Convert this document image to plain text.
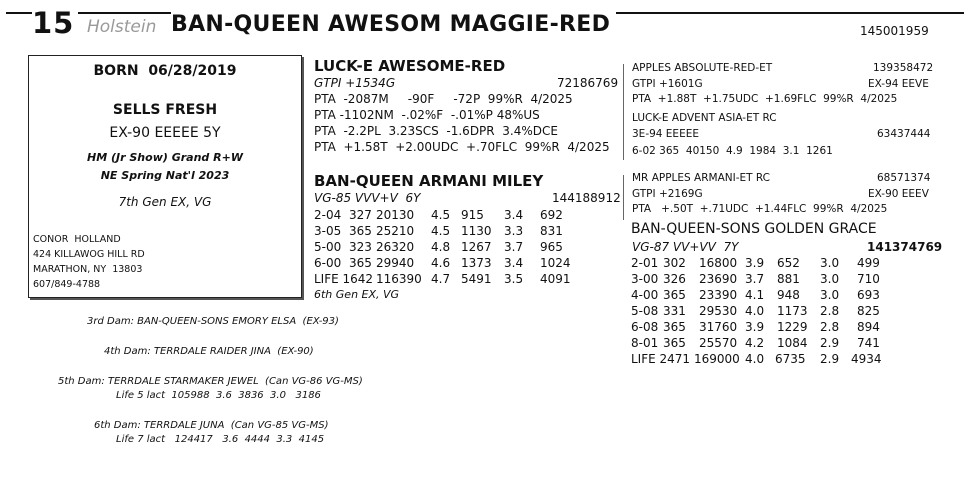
15 Holstein BAN-QUEEN AWESOM MAGGIE-RED	145001959
BORN  06/28/2019
SELLS FRESH
EX-90 EEEEE 5Y
HM (Jr Show) Grand R+W
NE Spring Nat'l 2023
7th Gen EX, VG
CONOR  HOLLAND
424 KILLAWOG HILL RD
MARATHON, NY  13803
607/849-4788
LUCK-E AWESOME-RED
GTPI +1534G	72186769
PTA  -2087M     -90F     -72P  99%R  4/2025
PTA -1102NM  -.02%F  -.01%P 48%US
PTA  -2.2PL  3.23SCS  -1.6DPR  3.4%DCE
PTA  +1.58T  +2.00UDC  +.70FLC  99%R  4/2025
APPLES ABSOLUTE-RED-ET	139358472
GTPI +1601G	EX-94 EEVE
PTA  +1.88T  +1.75UDC  +1.69FLC  99%R  4/2025
LUCK-E ADVENT ASIA-ET RC
3E-94 EEEEE	63437444
6-02 365  40150  4.9  1984  3.1  1261
BAN-QUEEN ARMANI MILEY
VG-85 VVV+V  6Y	144188912
2-04 327 20130 4.5 915 3.4 692
3-05 365 25210 4.5 1130 3.3 831
5-00 323 26320 4.8 1267 3.7 965
6-00 365 29940 4.6 1373 3.4 1024
LIFE 1642 116390 4.7 5491 3.5 4091
6th Gen EX, VG
MR APPLES ARMANI-ET RC	68571374
GTPI +2169G	EX-90 EEEV
PTA   +.50T  +.71UDC  +1.44FLC  99%R  4/2025
BAN-QUEEN-SONS GOLDEN GRACE
VG-87 VV+VV  7Y	141374769
2-01 302 16800 3.9 652 3.0 499
3-00 326 23690 3.7 881 3.0 710
4-00 365 23390 4.1 948 3.0 693
5-08 331 29530 4.0 1173 2.8 825
6-08 365 31760 3.9 1229 2.8 894
8-01 365 25570 4.2 1084 2.9 741
LIFE 2471 169000 4.0 6735 2.9 4934
3rd Dam: BAN-QUEEN-SONS EMORY ELSA  (EX-93)
4th Dam: TERRDALE RAIDER JINA  (EX-90)
5th Dam: TERRDALE STARMAKER JEWEL  (Can VG-86 VG-MS)
Life 5 lact  105988  3.6  3836  3.0   3186
6th Dam: TERRDALE JUNA  (Can VG-85 VG-MS)
Life 7 lact   124417   3.6  4444  3.3  4145
